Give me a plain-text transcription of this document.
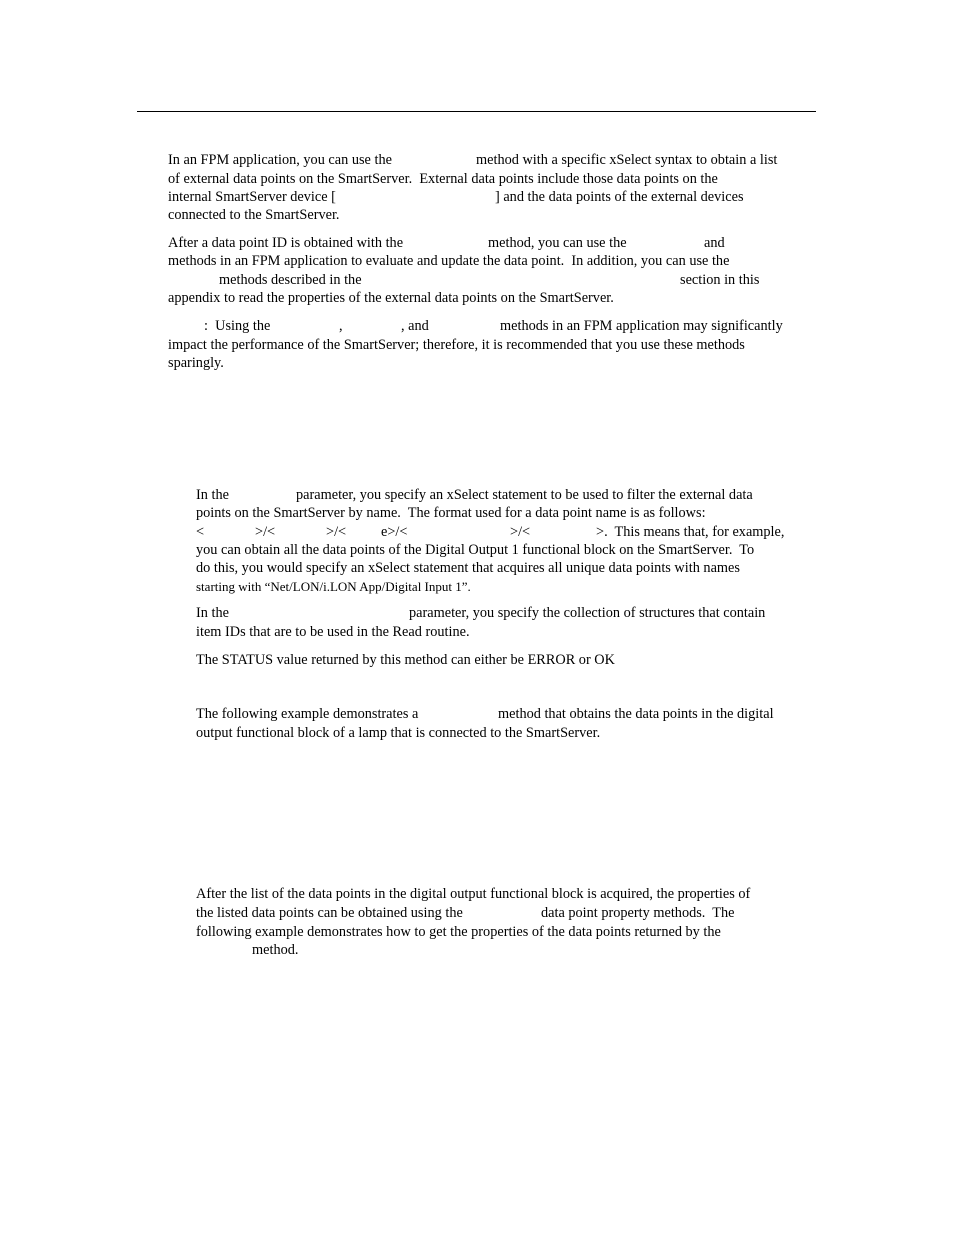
In an FPM application, you can use the	method with a specific xSelect syntax to obtain a list
of external data points on the SmartServer.  External data points include those data points on the
internal SmartServer device [	] and the data points of the external devices
connected to the SmartServer.
After a data point ID is obtained with the	method, you can use the	and
methods in an FPM application to evaluate and update the data point.  In addition, you can use the
methods described in the	section in this
appendix to read the properties of the external data points on the SmartServer.
:  Using the	,	, and	methods in an FPM application may significantly
impact the performance of the SmartServer; therefore, it is recommended that you use these methods
sparingly.
In the	parameter, you specify an xSelect statement to be used to filter the external data
points on the SmartServer by name.  The format used for a data point name is as follows:
<	>/<	>/< e>/<	>/<	>.  This means that, for example,
you can obtain all the data points of the Digital Output 1 functional block on the SmartServer.  To
do this, you would specify an xSelect statement that acquires all unique data points with names
starting with “Net/LON/i.LON App/Digital Input 1”.
In the	parameter, you specify the collection of structures that contain
item IDs that are to be used in the Read routine.
The STATUS value returned by this method can either be ERROR or OK
The following example demonstrates a	method that obtains the data points in the digital
output functional block of a lamp that is connected to the SmartServer.
After the list of the data points in the digital output functional block is acquired, the properties of
the listed data points can be obtained using the	data point property methods.  The
following example demonstrates how to get the properties of the data points returned by the
method.
